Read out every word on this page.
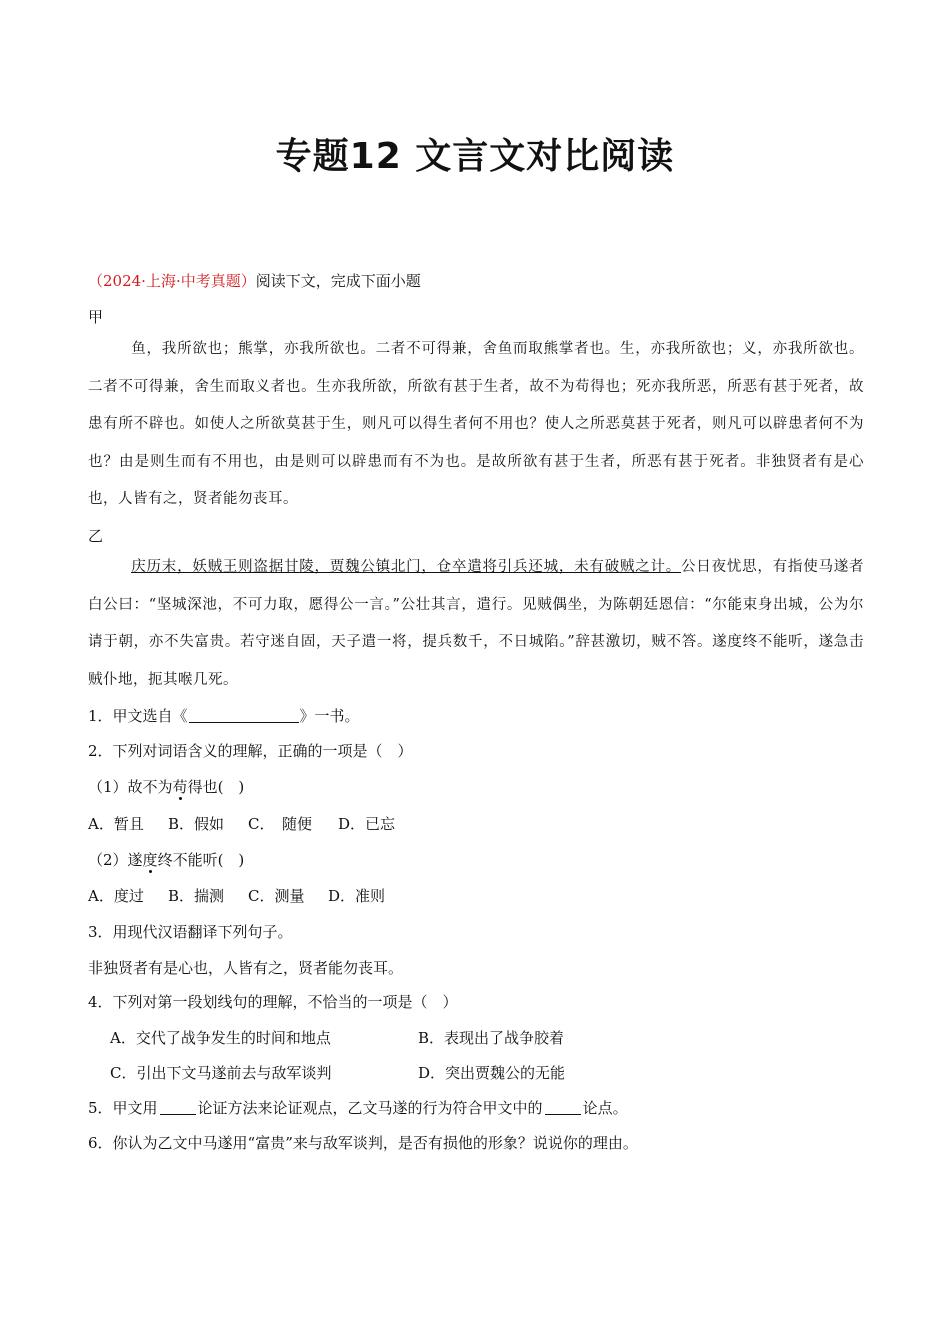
专题12 文言文对比阅读
（2024·上海·中考真题）阅读下文，完成下面小题
甲

鱼，我所欲也；熊掌，亦我所欲也。二者不可得兼，舍鱼而取熊掌者也。生，亦我所欲也；义，亦我所欲也。二者不可得兼，舍生而取义者也。生亦我所欲，所欲有甚于生者，故不为苟得也；死亦我所恶，所恶有甚于死者，故患有所不辟也。如使人之所欲莫甚于生，则凡可以得生者何不用也？使人之所恶莫甚于死者，则凡可以辟患者何不为也？由是则生而有不用也，由是则可以辟患而有不为也。是故所欲有甚于生者，所恶有甚于死者。非独贤者有是心也，人皆有之，贤者能勿丧耳。

乙

庆历末，妖贼王则盗据甘陵，贾魏公镇北门，仓卒遣将引兵还城，未有破贼之计。公日夜忧思，有指使马遂者白公曰：“坚城深池，不可力取，愿得公一言。”公壮其言，遣行。见贼偶坐，为陈朝廷恩信：“尔能束身出城，公为尔请于朝，亦不失富贵。若守迷自固，天子遣一将，提兵数千，不日城陷。”辞甚激切，贼不答。遂度终不能听，遂急击贼仆地，扼其喉几死。

1．甲文选自《	》一书。
2．下列对词语含义的理解，正确的一项是（　）
（1）故不为苟得也(　)
A．暂且 B．假如 C．　随便 D．已忘
（2）遂度终不能听(　)
A．度过 B．揣测 C．测量 D．准则
3．用现代汉语翻译下列句子。
非独贤者有是心也，人皆有之，贤者能勿丧耳。
4．下列对第一段划线句的理解，不恰当的一项是（　）
A．交代了战争发生的时间和地点	B．表现出了战争胶着
C．引出下文马遂前去与敌军谈判	D．突出贾魏公的无能
5．甲文用	论证方法来论证观点，乙文马遂的行为符合甲文中的	论点。
6．你认为乙文中马遂用“富贵”来与敌军谈判，是否有损他的形象？说说你的理由。
